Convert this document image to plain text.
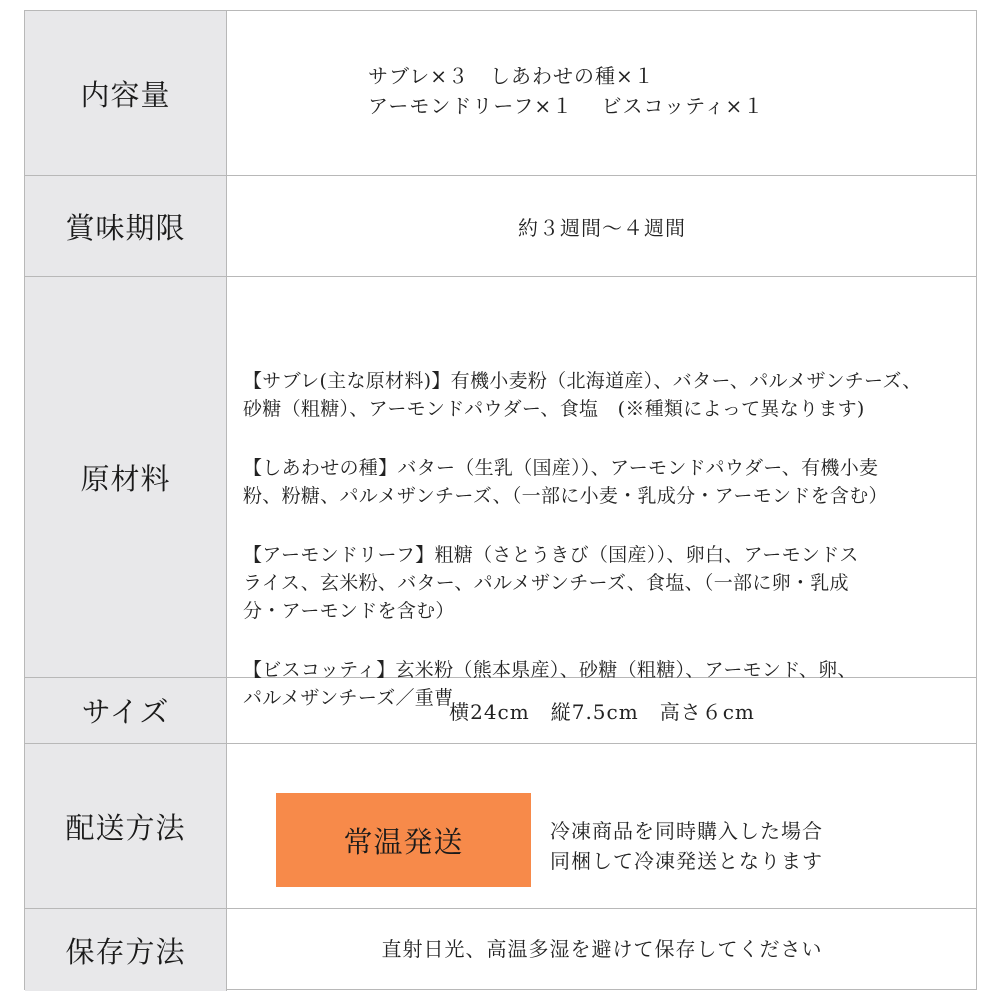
内容量
サブレ×３　しあわせの種×１
アーモンドリーフ×１　 ビスコッティ×１
賞味期限	約３週間〜４週間
原材料

【サブレ(主な原材料)】有機小麦粉（北海道産）、バター、パルメザンチーズ、
砂糖（粗糖）、アーモンドパウダー、食塩　(※種類によって異なります)

【しあわせの種】バター（生乳（国産））、アーモンドパウダー、有機小麦
粉、粉糖、パルメザンチーズ、（一部に小麦・乳成分・アーモンドを含む）

【アーモンドリーフ】粗糖（さとうきび（国産））、卵白、アーモンドス
ライス、玄米粉、バター、パルメザンチーズ、食塩、（一部に卵・乳成
分・アーモンドを含む）

【ビスコッティ】玄米粉（熊本県産）、砂糖（粗糖）、アーモンド、卵、
パルメザンチーズ／重曹

サイズ	横24cm　縦7.5cm　高さ６cm
配送方法	常温発送	冷凍商品を同時購入した場合
同梱して冷凍発送となります
保存方法	直射日光、高温多湿を避けて保存してください
